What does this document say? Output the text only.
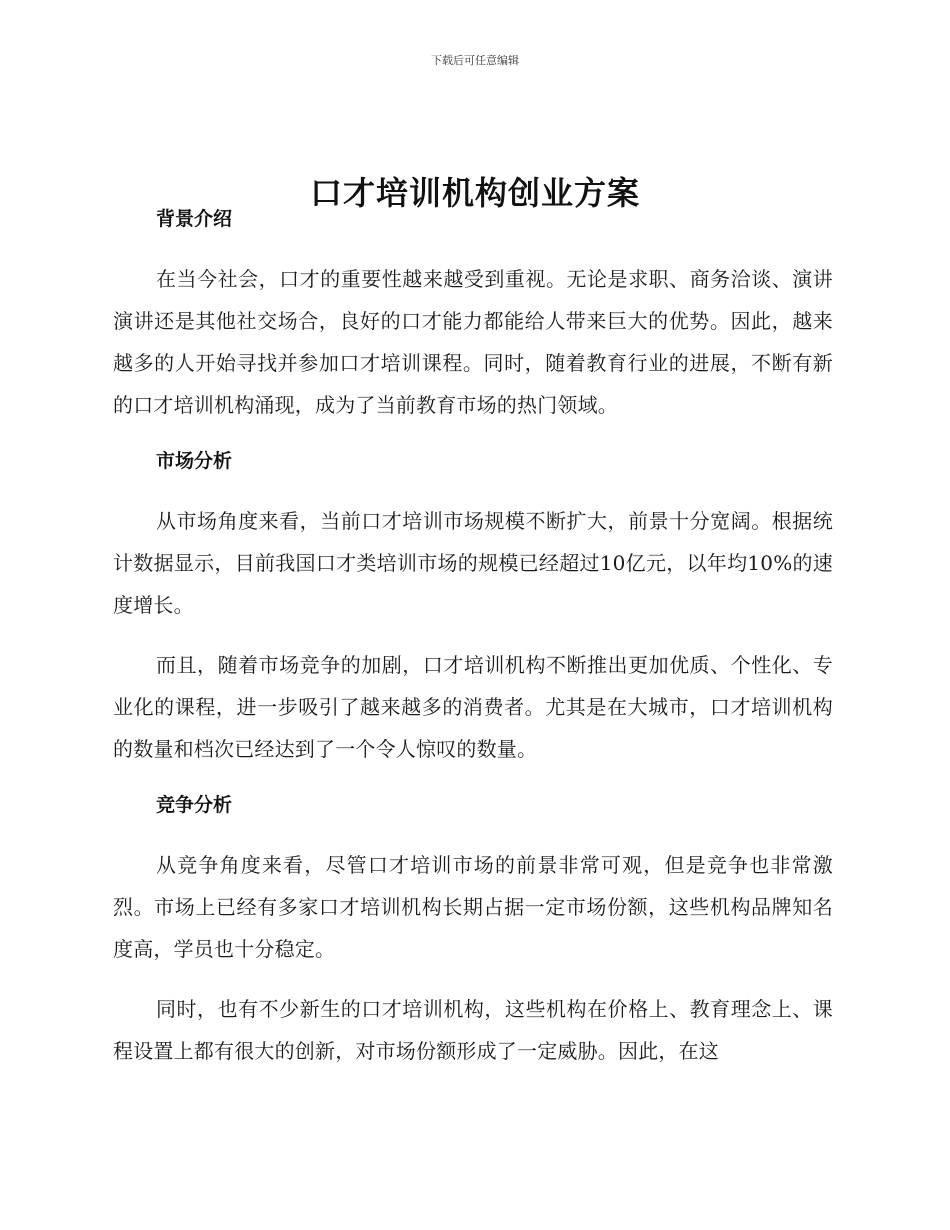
下载后可任意编辑
口才培训机构创业方案
背景介绍

在当今社会，口才的重要性越来越受到重视。无论是求职、商务洽谈、演讲演讲还是其他社交场合，良好的口才能力都能给人带来巨大的优势。因此，越来越多的人开始寻找并参加口才培训课程。同时，随着教育行业的进展，不断有新的口才培训机构涌现，成为了当前教育市场的热门领域。

市场分析

从市场角度来看，当前口才培训市场规模不断扩大，前景十分宽阔。根据统计数据显示，目前我国口才类培训市场的规模已经超过10亿元，以年均10%的速度增长。

而且，随着市场竞争的加剧，口才培训机构不断推出更加优质、个性化、专业化的课程，进一步吸引了越来越多的消费者。尤其是在大城市，口才培训机构的数量和档次已经达到了一个令人惊叹的数量。

竞争分析

从竞争角度来看，尽管口才培训市场的前景非常可观，但是竞争也非常激烈。市场上已经有多家口才培训机构长期占据一定市场份额，这些机构品牌知名度高，学员也十分稳定。

同时，也有不少新生的口才培训机构，这些机构在价格上、教育理念上、课程设置上都有很大的创新，对市场份额形成了一定威胁。因此，在这
